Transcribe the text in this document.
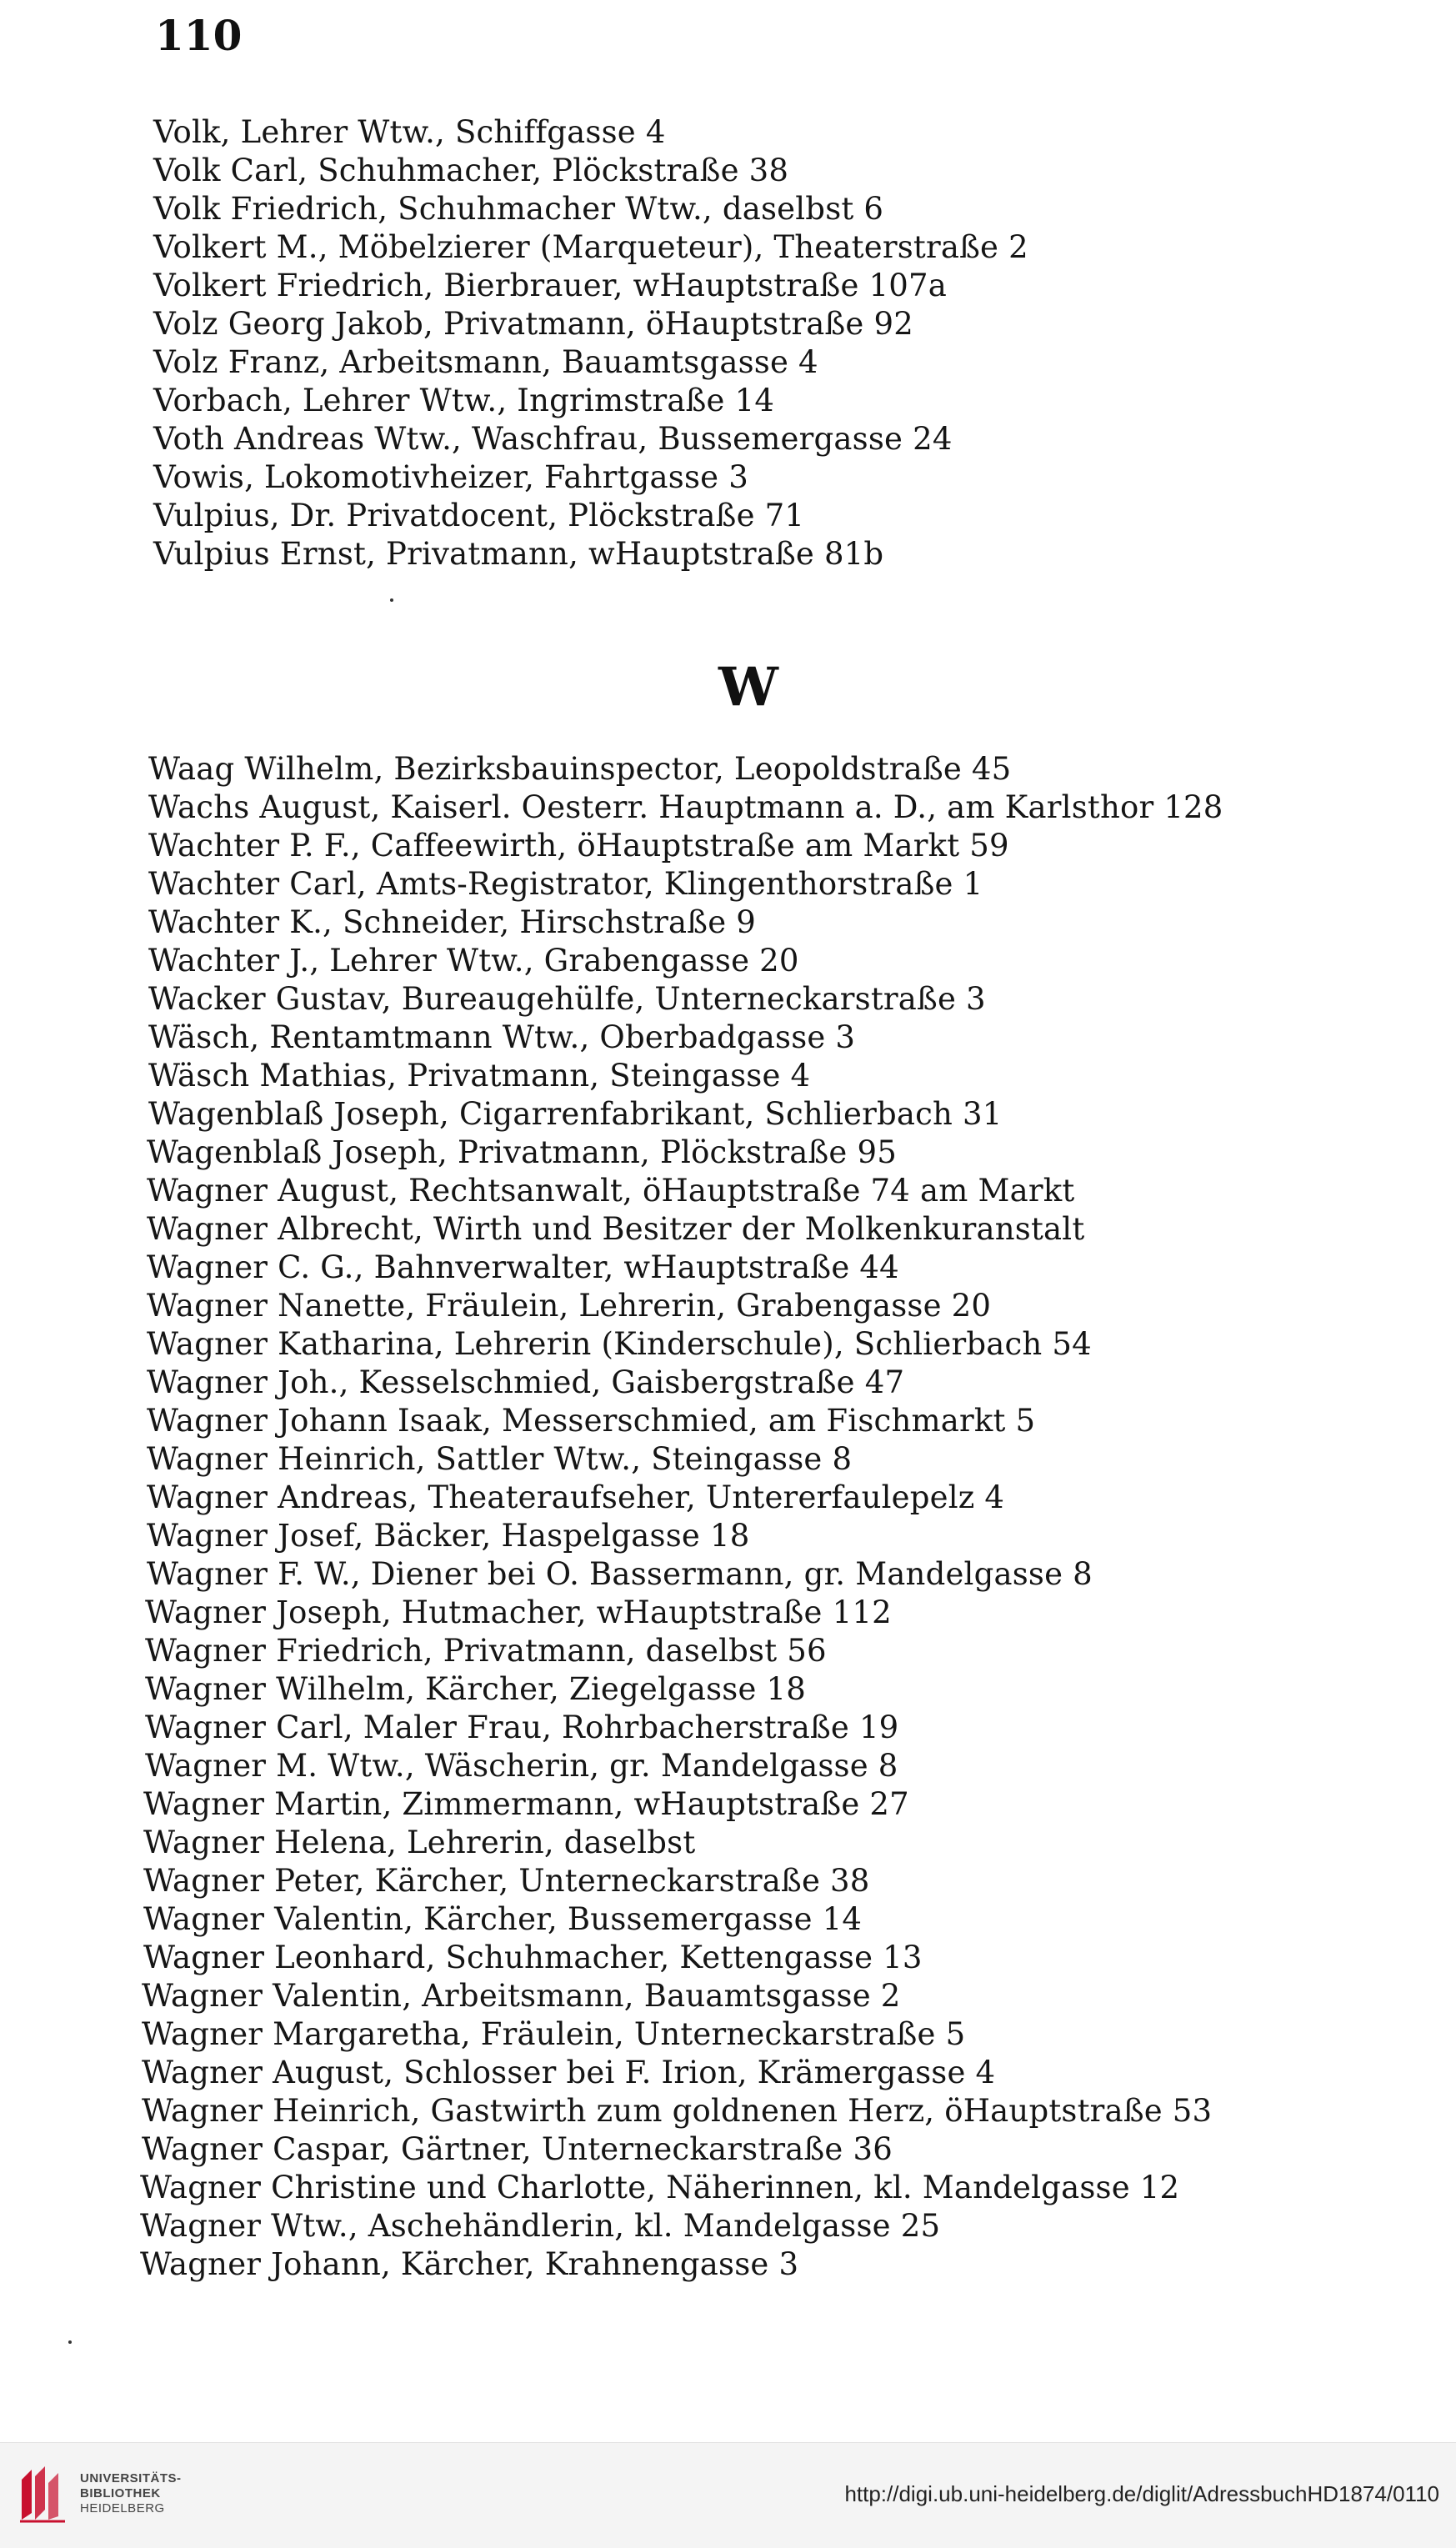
110
Volk, Lehrer Wtw., Schiffgasse 4
Volk Carl, Schuhmacher, Plöckstraße 38
Volk Friedrich, Schuhmacher Wtw., daselbst 6
Volkert M., Möbelzierer (Marqueteur), Theaterstraße 2
Volkert Friedrich, Bierbrauer, wHauptstraße 107a
Volz Georg Jakob, Privatmann, öHauptstraße 92
Volz Franz, Arbeitsmann, Bauamtsgasse 4
Vorbach, Lehrer Wtw., Ingrimstraße 14
Voth Andreas Wtw., Waschfrau, Bussemergasse 24
Vowis, Lokomotivheizer, Fahrtgasse 3
Vulpius, Dr. Privatdocent, Plöckstraße 71
Vulpius Ernst, Privatmann, wHauptstraße 81b
W
Waag Wilhelm, Bezirksbauinspector, Leopoldstraße 45
Wachs August, Kaiserl. Oesterr. Hauptmann a. D., am Karlsthor 128
Wachter P. F., Caffeewirth, öHauptstraße am Markt 59
Wachter Carl, Amts-Registrator, Klingenthorstraße 1
Wachter K., Schneider, Hirschstraße 9
Wachter J., Lehrer Wtw., Grabengasse 20
Wacker Gustav, Bureaugehülfe, Unterneckarstraße 3
Wäsch, Rentamtmann Wtw., Oberbadgasse 3
Wäsch Mathias, Privatmann, Steingasse 4
Wagenblaß Joseph, Cigarrenfabrikant, Schlierbach 31
Wagenblaß Joseph, Privatmann, Plöckstraße 95
Wagner August, Rechtsanwalt, öHauptstraße 74 am Markt
Wagner Albrecht, Wirth und Besitzer der Molkenkuranstalt
Wagner C. G., Bahnverwalter, wHauptstraße 44
Wagner Nanette, Fräulein, Lehrerin, Grabengasse 20
Wagner Katharina, Lehrerin (Kinderschule), Schlierbach 54
Wagner Joh., Kesselschmied, Gaisbergstraße 47
Wagner Johann Isaak, Messerschmied, am Fischmarkt 5
Wagner Heinrich, Sattler Wtw., Steingasse 8
Wagner Andreas, Theateraufseher, Untererfaulepelz 4
Wagner Josef, Bäcker, Haspelgasse 18
Wagner F. W., Diener bei O. Bassermann, gr. Mandelgasse 8
Wagner Joseph, Hutmacher, wHauptstraße 112
Wagner Friedrich, Privatmann, daselbst 56
Wagner Wilhelm, Kärcher, Ziegelgasse 18
Wagner Carl, Maler Frau, Rohrbacherstraße 19
Wagner M. Wtw., Wäscherin, gr. Mandelgasse 8
Wagner Martin, Zimmermann, wHauptstraße 27
Wagner Helena, Lehrerin, daselbst
Wagner Peter, Kärcher, Unterneckarstraße 38
Wagner Valentin, Kärcher, Bussemergasse 14
Wagner Leonhard, Schuhmacher, Kettengasse 13
Wagner Valentin, Arbeitsmann, Bauamtsgasse 2
Wagner Margaretha, Fräulein, Unterneckarstraße 5
Wagner August, Schlosser bei F. Irion, Krämergasse 4
Wagner Heinrich, Gastwirth zum goldnenen Herz, öHauptstraße 53
Wagner Caspar, Gärtner, Unterneckarstraße 36
Wagner Christine und Charlotte, Näherinnen, kl. Mandelgasse 12
Wagner Wtw., Aschehändlerin, kl. Mandelgasse 25
Wagner Johann, Kärcher, Krahnengasse 3
UNIVERSITÄTS-
BIBLIOTHEK
HEIDELBERG
http://digi.ub.uni-heidelberg.de/diglit/AdressbuchHD1874/0110
